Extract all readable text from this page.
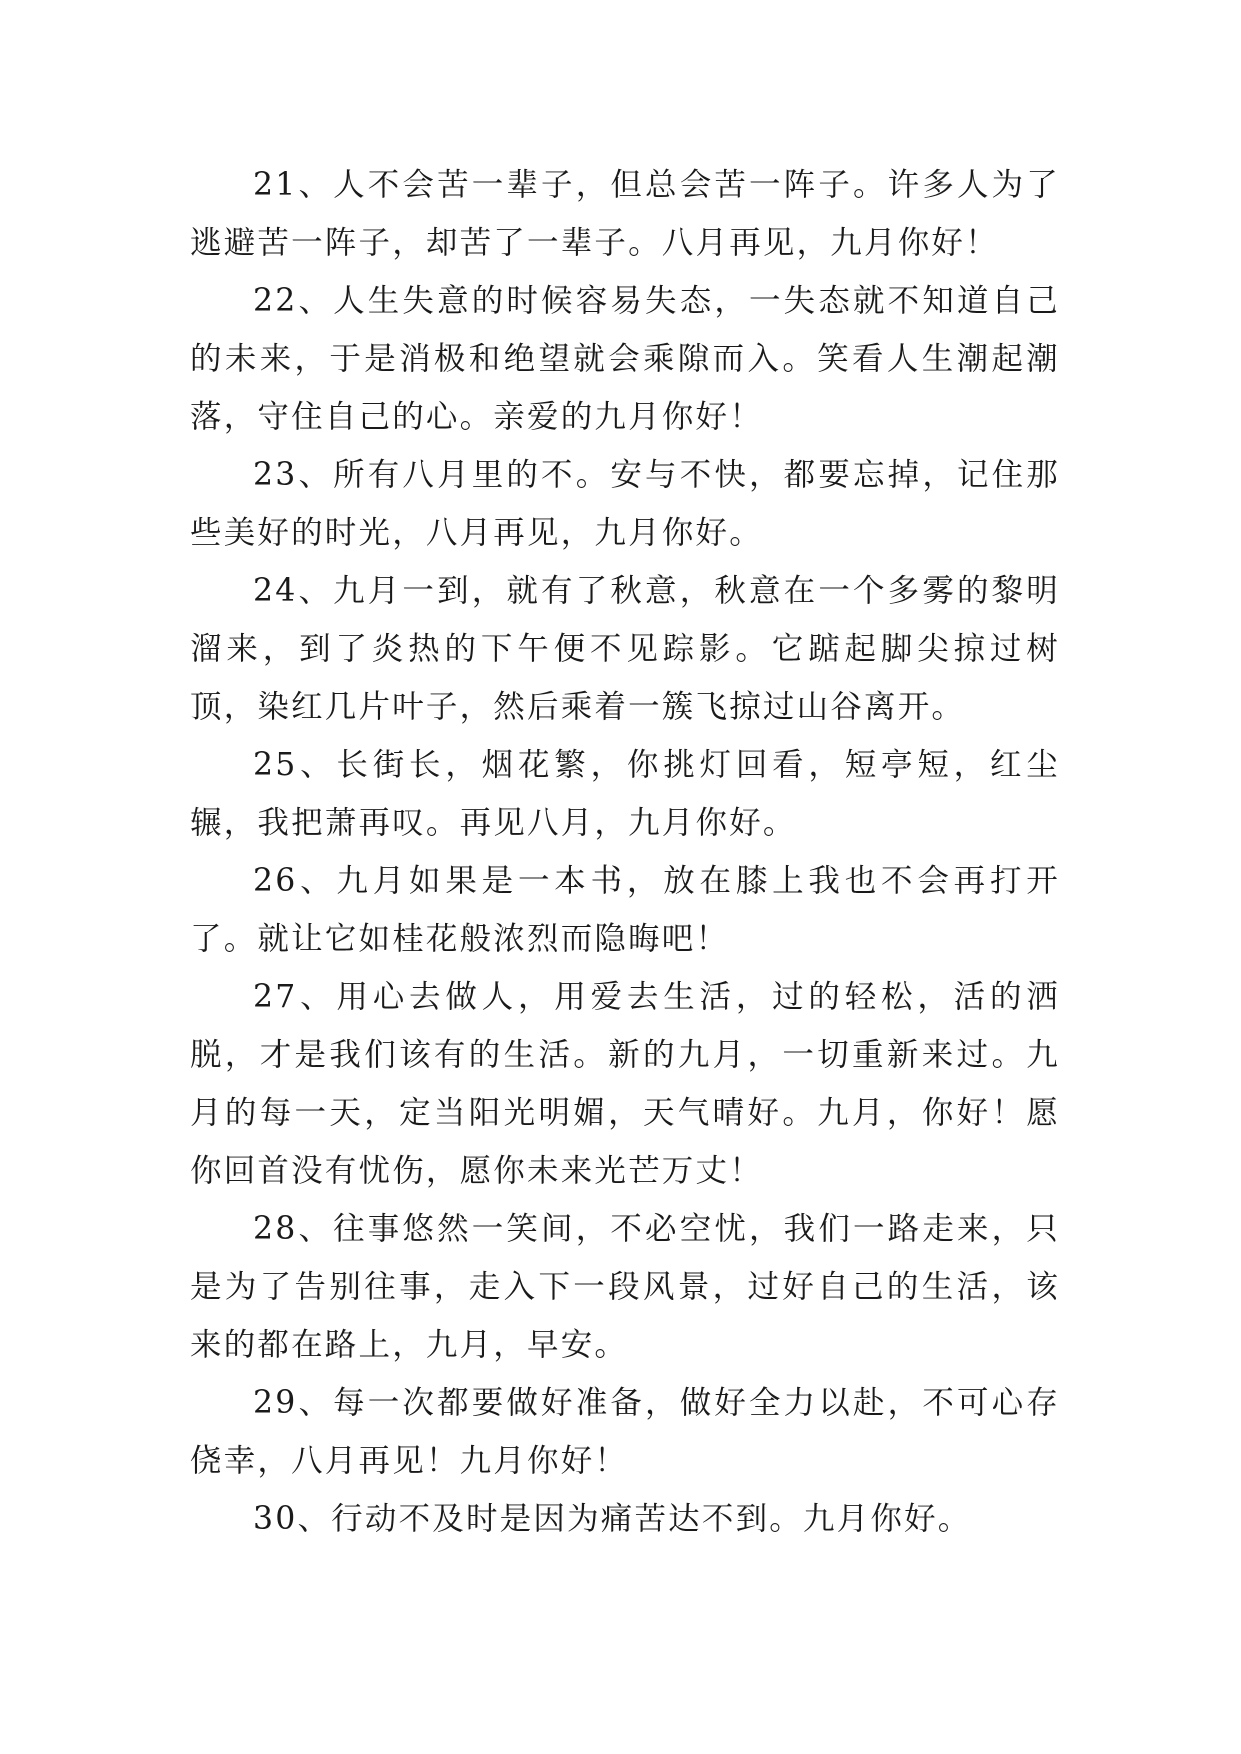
21、人不会苦一辈子，但总会苦一阵子。许多人为了逃避苦一阵子，却苦了一辈子。八月再见，九月你好！

22、人生失意的时候容易失态，一失态就不知道自己的未来，于是消极和绝望就会乘隙而入。笑看人生潮起潮落，守住自己的心。亲爱的九月你好！

23、所有八月里的不。安与不快，都要忘掉，记住那些美好的时光，八月再见，九月你好。

24、九月一到，就有了秋意，秋意在一个多雾的黎明溜来，到了炎热的下午便不见踪影。它踮起脚尖掠过树顶，染红几片叶子，然后乘着一簇飞掠过山谷离开。

25、长街长，烟花繁，你挑灯回看，短亭短，红尘辗，我把萧再叹。再见八月，九月你好。

26、九月如果是一本书，放在膝上我也不会再打开了。就让它如桂花般浓烈而隐晦吧！

27、用心去做人，用爱去生活，过的轻松，活的洒脱，才是我们该有的生活。新的九月，一切重新来过。九月的每一天，定当阳光明媚，天气晴好。九月，你好！愿你回首没有忧伤，愿你未来光芒万丈！

28、往事悠然一笑间，不必空忧，我们一路走来，只是为了告别往事，走入下一段风景，过好自己的生活，该来的都在路上，九月，早安。

29、每一次都要做好准备，做好全力以赴，不可心存侥幸，八月再见！九月你好！

30、行动不及时是因为痛苦达不到。九月你好。
